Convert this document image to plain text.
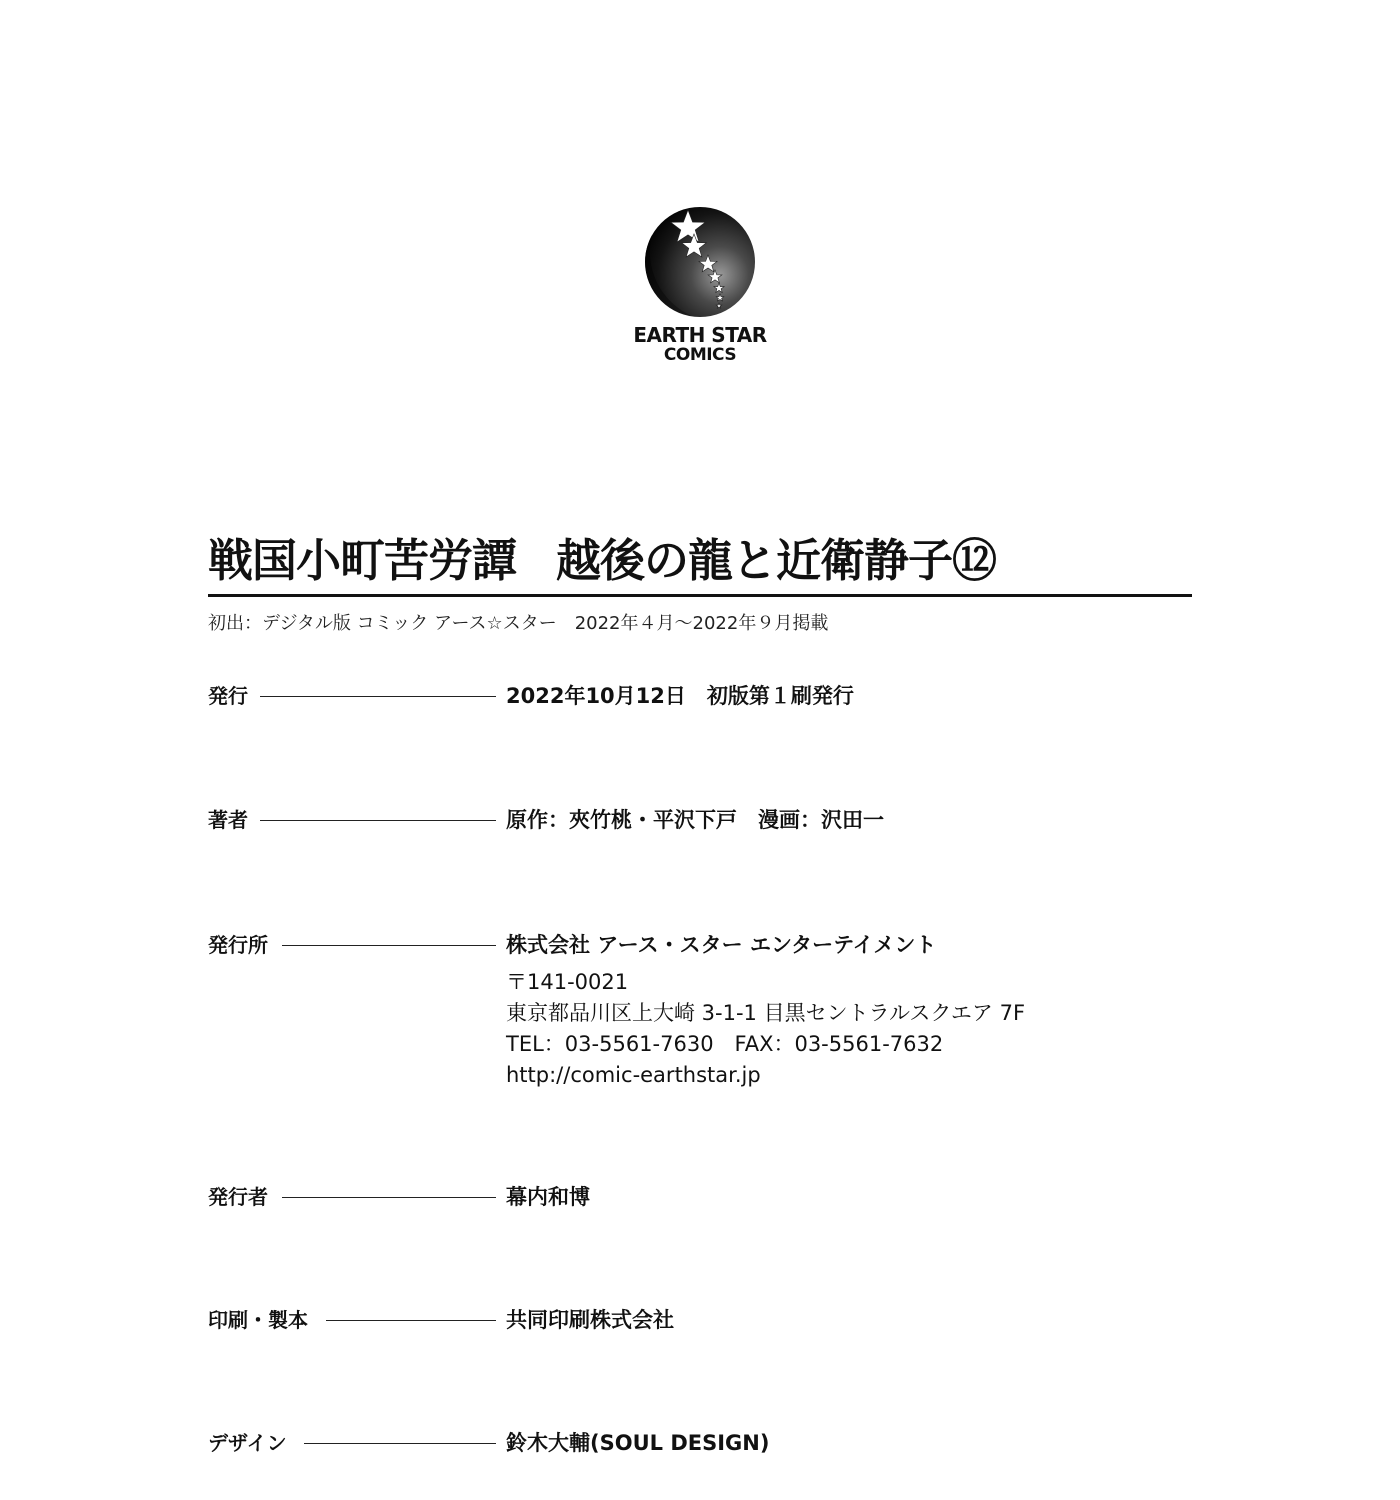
EARTH STAR
COMICS
戦国小町苦労譚 越後の龍と近衛静子⑫
初出：デジタル版 コミック アース☆スター　2022年４月〜2022年９月掲載
発行	2022年10月12日　初版第１刷発行
著者	原作：夾竹桃・平沢下戸　漫画：沢田一
発行所	株式会社 アース・スター エンターテイメント
〒141-0021
東京都品川区上大崎 3-1-1 目黒セントラルスクエア 7F
TEL：03-5561-7630　FAX：03-5561-7632
http://comic-earthstar.jp
発行者	幕内和博
印刷・製本	共同印刷株式会社
デザイン	鈴木大輔(SOUL DESIGN)
